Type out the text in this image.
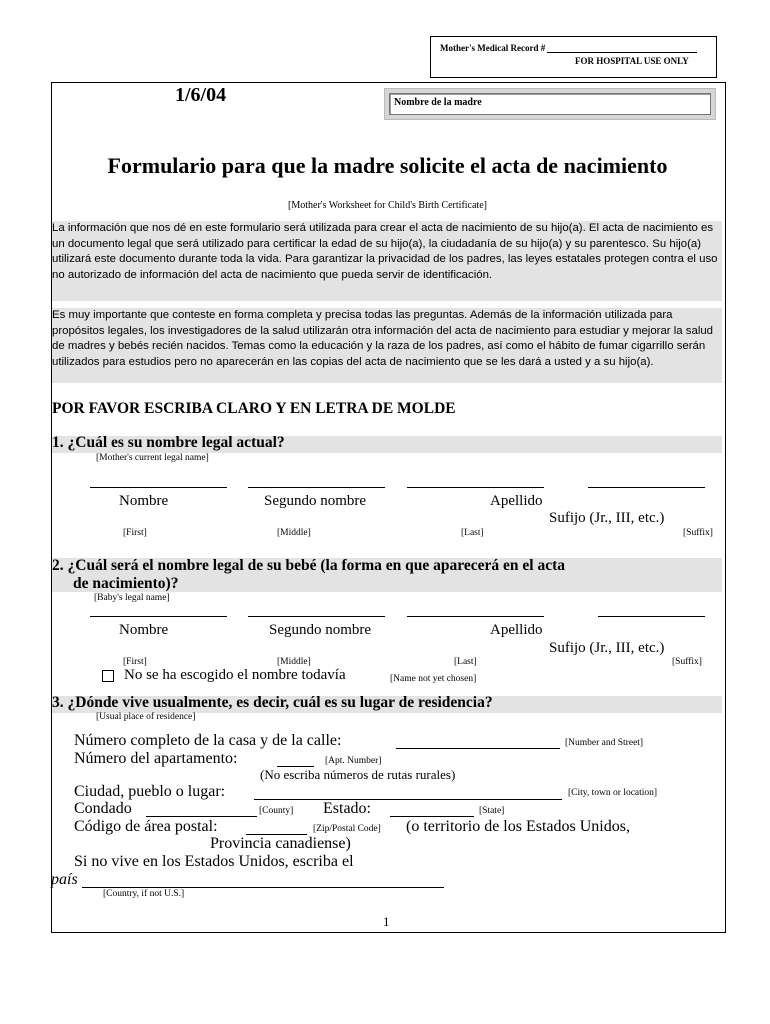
Mother's Medical Record #
FOR HOSPITAL USE ONLY
1/6/04	Nombre de la madre
Formulario para que la madre solicite el acta de nacimiento
[Mother's Worksheet for Child's Birth Certificate]
La información que nos dé en este formulario será utilizada para crear el acta de nacimiento de su hijo(a). El acta de nacimiento es un documento legal que será utilizado para certificar la edad de su hijo(a), la ciudadanía de su hijo(a) y su parentesco. Su hijo(a) utilizará este documento durante toda la vida. Para garantizar la privacidad de los padres, las leyes estatales protegen contra el uso no autorizado de información del acta de nacimiento que pueda servir de identificación.
Es muy importante que conteste en forma completa y precisa todas las preguntas. Además de la información utilizada para propósitos legales, los investigadores de la salud utilizarán otra información del acta de nacimiento para estudiar y mejorar la salud de madres y bebés recién nacidos. Temas como la educación y la raza de los padres, así como el hábito de fumar cigarrillo serán utilizados para estudios pero no aparecerán en las copias del acta de nacimiento que se les dará a usted y a su hijo(a).
POR FAVOR ESCRIBA CLARO Y EN LETRA DE MOLDE
1. ¿Cuál es su nombre legal actual?
[Mother's current legal name]
Nombre	Segundo nombre	Apellido
Sufijo (Jr., III, etc.)
[First]	[Middle]	[Last]	[Suffix]
2. ¿Cuál será el nombre legal de su bebé (la forma en que aparecerá en el acta
de nacimiento)?
[Baby's legal name]
Nombre	Segundo nombre	Apellido
Sufijo (Jr., III, etc.)
[First]	[Middle]	[Last]	[Suffix]
No se ha escogido el nombre todavía	[Name not yet chosen]
3. ¿Dónde vive usualmente, es decir, cuál es su lugar de residencia?
[Usual place of residence]
Número completo de la casa y de la calle:	[Number and Street]
Número del apartamento:	[Apt. Number]
(No escriba números de rutas rurales)
Ciudad, pueblo o lugar:	[City, town or location]
Condado	[County] Estado:	[State]
Código de área postal:	[Zip/Postal Code] (o territorio de los Estados Unidos,
Provincia canadiense)
Si no vive en los Estados Unidos, escriba el
país
[Country, if not U.S.]
1
